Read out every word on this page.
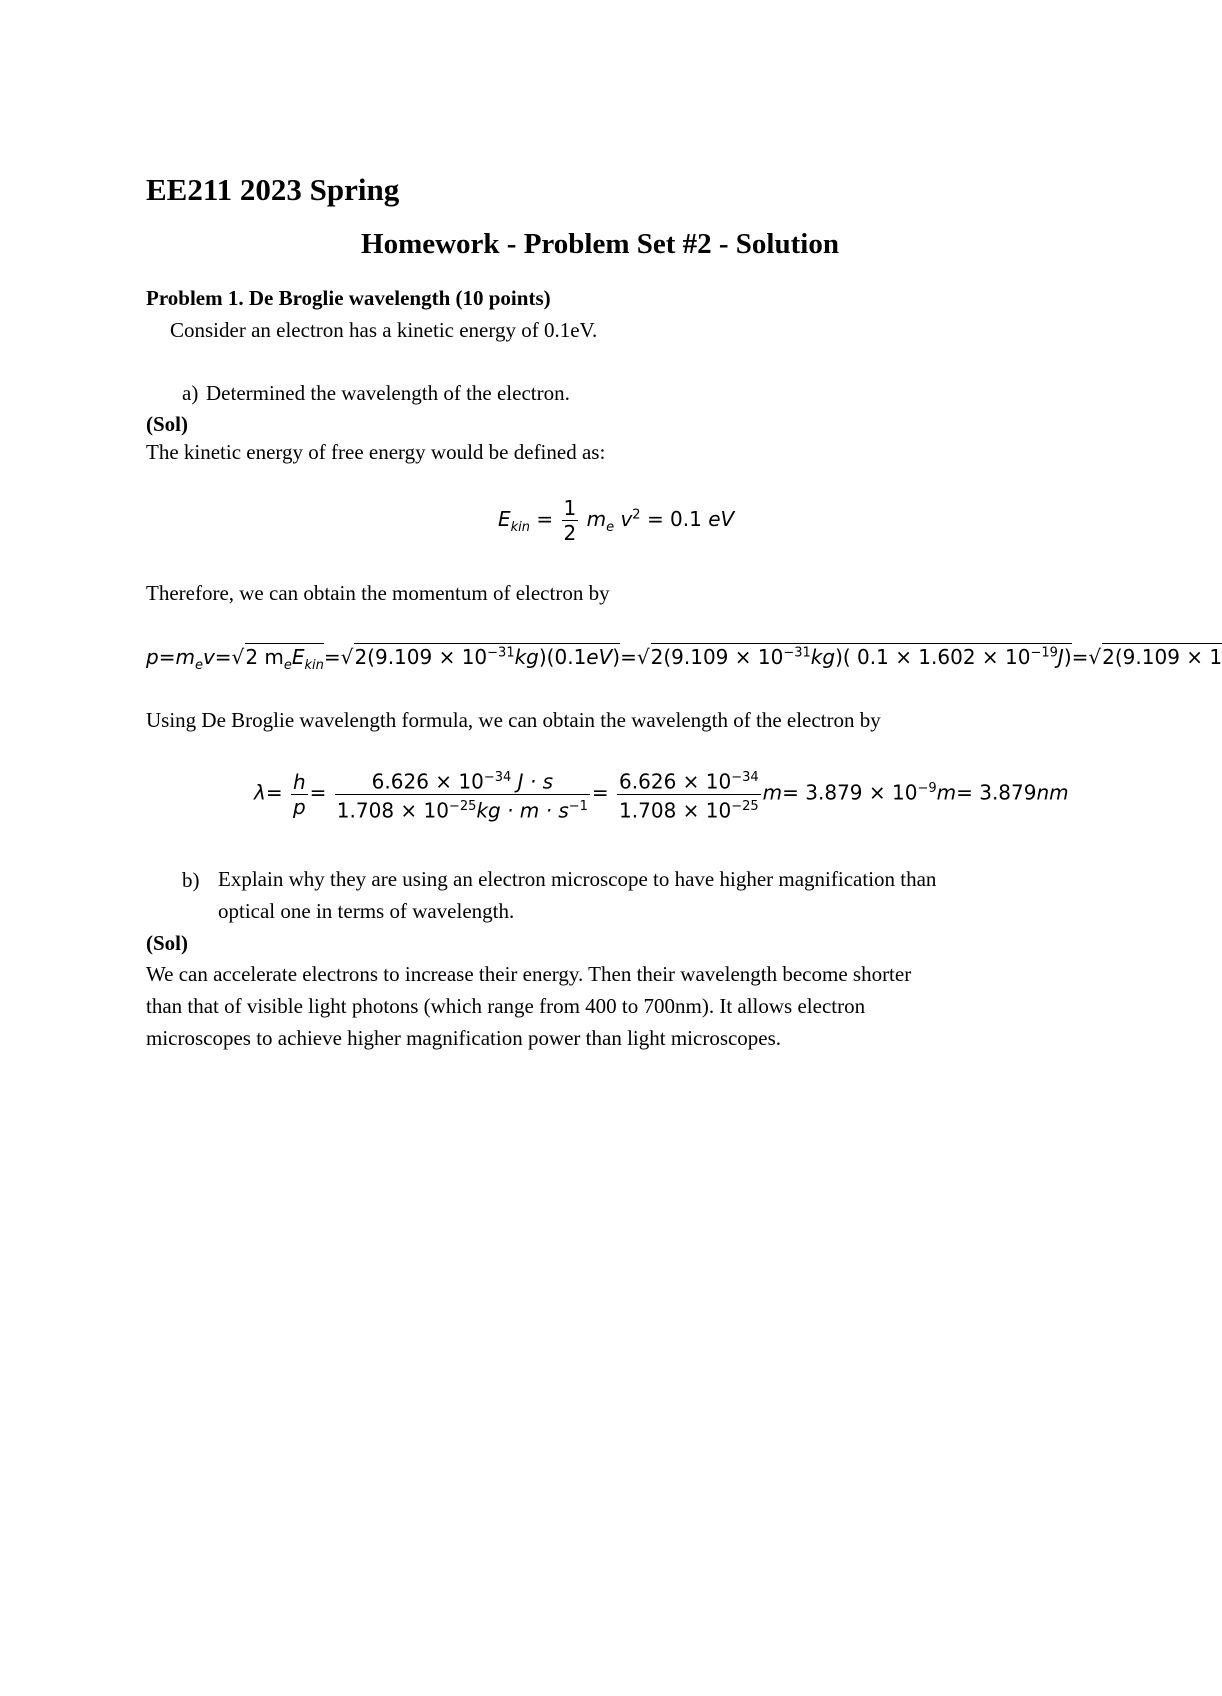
EE211 2023 Spring
Homework - Problem Set #2 - Solution
Problem 1. De Broglie wavelength (10 points)
Consider an electron has a kinetic energy of 0.1eV.
a) Determined the wavelength of the electron.
(Sol)
The kinetic energy of free energy would be defined as:
$E_{kin} = \frac{1}{2} m_e$ $v^2 = 0.1$ eV
Therefore, we can obtain the momentum of electron by
$p=m_ev=√2$ $m_eE_{kin}=√2(9.109 \times 10^{-31}kg)(0.1eV)=√2(9.109 \times 10^{-31}kg)$( $0.1 \times 1.602 \times 10^{-19}J)=√2(9.109 \times 1$
Using De Broglie wavelength formula, we can obtain the wavelength of the electron by
$\lambda= \frac{h}{p} = \frac{6.626 \times 10^{-34} J \cdot s}{1.708 \times 10^{-25}kg \cdot m \cdot s^{-1}} = \frac{6.626 \times 10^{-34}}{1.708 \times 10^{-25}} m= 3.879 \times 10^{-9}m= 3.879nm$
b) Explain why they are using an electron microscope to have higher magnification than
optical one in terms of wavelength.
(Sol)
We can accelerate electrons to increase their energy. Then their wavelength become shorter
than that of visible light photons (which range from 400 to 700nm). It allows electron
microscopes to achieve higher magnification power than light microscopes.
